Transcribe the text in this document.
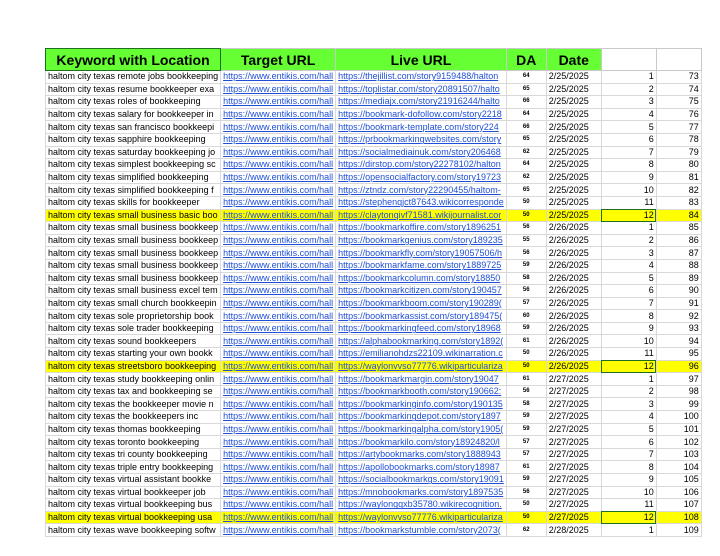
Keyword with Location	Target URL	Live URL	DA	Date		
haltom city texas remote jobs bookkeeping	https://www.entikis.com/hall	https://thejillist.com/story9159488/halton	64	2/25/2025	1	73
haltom city texas resume bookkeeper exa	https://www.entikis.com/hall	https://toplistar.com/story20891507/halto	65	2/25/2025	2	74
haltom city texas roles of bookkeeping	https://www.entikis.com/hall	https://mediajx.com/story21916244/halto	66	2/25/2025	3	75
haltom city texas salary for bookkeeper in	https://www.entikis.com/hall	https://bookmark-dofollow.com/story2218	64	2/25/2025	4	76
haltom city texas san francisco bookkeepi	https://www.entikis.com/hall	https://bookmark-template.com/story224	66	2/25/2025	5	77
haltom city texas sapphire bookkeeping	https://www.entikis.com/hall	https://prbookmarkingwebsites.com/story	65	2/25/2025	6	78
haltom city texas saturday bookkeeping jo	https://www.entikis.com/hall	https://socialmediainuk.com/story206468	62	2/25/2025	7	79
haltom city texas simplest bookkeeping sc	https://www.entikis.com/hall	https://dirstop.com/story22278102/halton	64	2/25/2025	8	80
haltom city texas simplified bookkeeping	https://www.entikis.com/hall	https://opensocialfactory.com/story19723	62	2/25/2025	9	81
haltom city texas simplified bookkeeping f	https://www.entikis.com/hall	https://ztndz.com/story22290455/haltom-	65	2/25/2025	10	82
haltom city texas skills for bookkeeper	https://www.entikis.com/hall	https://stephenqjct87643.wikicorresponde	50	2/25/2025	11	83
haltom city texas small business basic boo	https://www.entikis.com/hall	https://claytonqivf71581.wikijournalist.cor	50	2/25/2025	12	84
haltom city texas small business bookkeep	https://www.entikis.com/hall	https://bookmarkoffire.com/story1896251	56	2/26/2025	1	85
haltom city texas small business bookkeep	https://www.entikis.com/hall	https://bookmarkgenius.com/story189235	55	2/26/2025	2	86
haltom city texas small business bookkeep	https://www.entikis.com/hall	https://bookmarkfly.com/story19057506/h	56	2/26/2025	3	87
haltom city texas small business bookkeep	https://www.entikis.com/hall	https://bookmarkfame.com/story1889725	59	2/26/2025	4	88
haltom city texas small business bookkeep	https://www.entikis.com/hall	https://bookmarkcolumn.com/story18850	58	2/26/2025	5	89
haltom city texas small business excel tem	https://www.entikis.com/hall	https://bookmarkcitizen.com/story190457	56	2/26/2025	6	90
haltom city texas small church bookkeepin	https://www.entikis.com/hall	https://bookmarkboom.com/story190289(	57	2/26/2025	7	91
haltom city texas sole proprietorship book	https://www.entikis.com/hall	https://bookmarkassist.com/story189475(	60	2/26/2025	8	92
haltom city texas sole trader bookkeeping	https://www.entikis.com/hall	https://bookmarkingfeed.com/story18968	59	2/26/2025	9	93
haltom city texas sound bookkeepers	https://www.entikis.com/hall	https://alphabookmarking.com/story1892(	61	2/26/2025	10	94
haltom city texas starting your own bookk	https://www.entikis.com/hall	https://emilianohdzs22109.wikinarration.c	50	2/26/2025	11	95
haltom city texas streetsboro bookkeeping	https://www.entikis.com/hall	https://waylonvvso77776.wikiparticulariza	50	2/26/2025	12	96
haltom city texas study bookkeeping onlin	https://www.entikis.com/hall	https://bookmarkmargin.com/story19047	61	2/27/2025	1	97
haltom city texas tax and bookkeeping se	https://www.entikis.com/hall	https://bookmarkbooth.com/story190662:	56	2/27/2025	2	98
haltom city texas the bookkeeper movie n	https://www.entikis.com/hall	https://bookmarkinginfo.com/story190135	58	2/27/2025	3	99
haltom city texas the bookkeepers inc	https://www.entikis.com/hall	https://bookmarkingdepot.com/story1897	59	2/27/2025	4	100
haltom city texas thomas bookkeeping	https://www.entikis.com/hall	https://bookmarkingalpha.com/story1905(	59	2/27/2025	5	101
haltom city texas toronto bookkeeping	https://www.entikis.com/hall	https://bookmarkilo.com/story18924820/l	57	2/27/2025	6	102
haltom city texas tri county bookkeeping	https://www.entikis.com/hall	https://artybookmarks.com/story1888943	57	2/27/2025	7	103
haltom city texas triple entry bookkeeping	https://www.entikis.com/hall	https://apollobookmarks.com/story18987	61	2/27/2025	8	104
haltom city texas virtual assistant bookke	https://www.entikis.com/hall	https://socialbookmarkgs.com/story19091	59	2/27/2025	9	105
haltom city texas virtual bookkeeper job	https://www.entikis.com/hall	https://mnobookmarks.com/story1897535	56	2/27/2025	10	106
haltom city texas virtual bookkeeping bus	https://www.entikis.com/hall	https://waylongqxb35780.wikirecognition.	50	2/27/2025	11	107
haltom city texas virtual bookkeeping usa	https://www.entikis.com/hall	https://waylonvvso77776.wikiparticulariza	50	2/27/2025	12	108
haltom city texas wave bookkeeping softw	https://www.entikis.com/hall	https://bookmarkstumble.com/story2073(	62	2/28/2025	1	109
